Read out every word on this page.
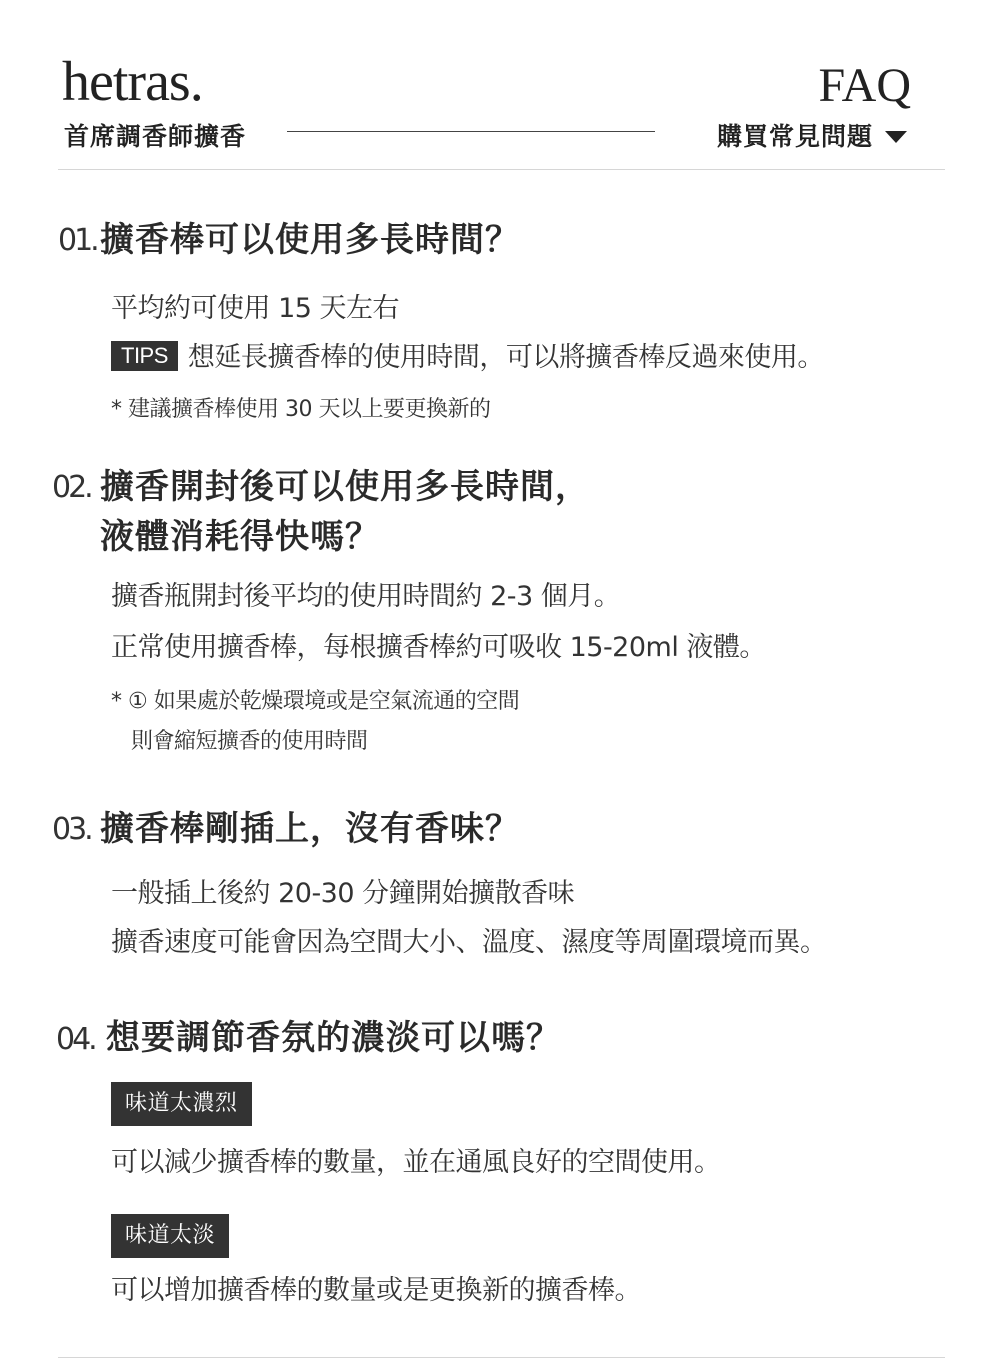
hetras.	FAQ
首席調香師擴香	購買常見問題
01. 擴香棒可以使用多長時間？
平均約可使用 15 天左右
TIPS 想延長擴香棒的使用時間，可以將擴香棒反過來使用。
* 建議擴香棒使用 30 天以上要更換新的
02. 擴香開封後可以使用多長時間，
液體消耗得快嗎？
擴香瓶開封後平均的使用時間約 2-3 個月。
正常使用擴香棒，每根擴香棒約可吸收 15-20ml 液體。
* ① 如果處於乾燥環境或是空氣流通的空間
則會縮短擴香的使用時間
03. 擴香棒剛插上，沒有香味？
一般插上後約 20-30 分鐘開始擴散香味
擴香速度可能會因為空間大小、溫度、濕度等周圍環境而異。
04. 想要調節香氛的濃淡可以嗎？
味道太濃烈
可以減少擴香棒的數量，並在通風良好的空間使用。
味道太淡
可以增加擴香棒的數量或是更換新的擴香棒。
